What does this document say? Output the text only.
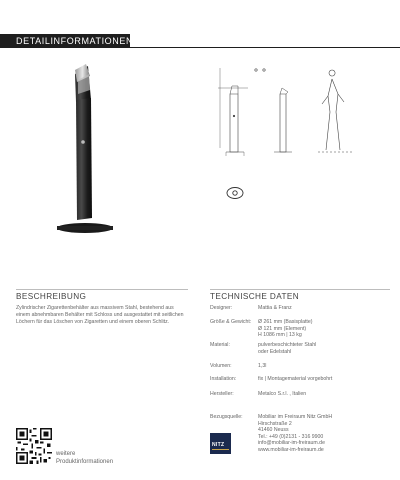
DETAILINFORMATIONEN
BESCHREIBUNG
Zylindrischer Zigarettenbehälter aus massivem Stahl, bestehend aus einem abnehmbaren Behälter mit Schloss und ausgestattet mit seitlichen Löchern für das Löschen von Zigaretten und einem oberen Schlitz.
TECHNISCHE DATEN
Designer:	Mattia & Franz
Größe & Gewicht:	Ø 261 mm (Basisplatte)
Ø 121 mm (Element)
H 1086 mm | 13 kg
Material:	pulverbeschichteter Stahl
oder Edelstahl
Volumen:	1,3l
Installation:	fix | Montagematerial vorgebohrt
Hersteller:	Metalco S.r.l. , Italien
Bezugsquelle:	Mobiliar im Freiraum Nitz GmbH
Hirschstraße 2
41460 Neuss
Tel.: +49 (0)2131 - 316 9900
info@mobiliar-im-freiraum.de
www.mobiliar-im-freiraum.de
NITZ
weitere
Produktinformationen
